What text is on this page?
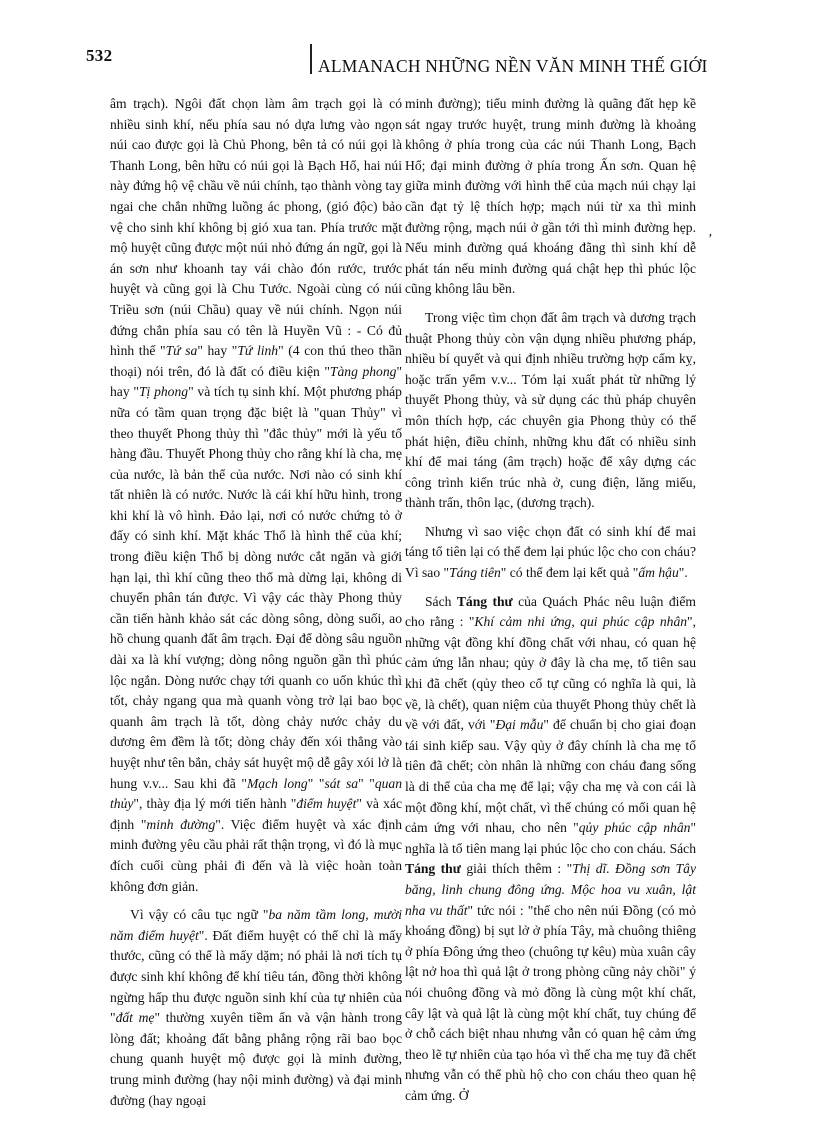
532
ALMANACH NHỮNG NỀN VĂN MINH THẾ GIỚI

âm trạch). Ngôi đất chọn làm âm trạch gọi là có nhiều sinh khí, nếu phía sau nó dựa lưng vào ngọn núi cao được gọi là Chủ Phong, bên tả có núi gọi là Thanh Long, bên hữu có núi gọi là Bạch Hổ, hai núi này đứng hộ vệ chầu về núi chính, tạo thành vòng tay ngai che chắn những luồng ác phong, (gió độc) bảo vệ cho sinh khí không bị gió xua tan. Phía trước mặt mộ huyệt cũng được một núi nhỏ đứng án ngữ, gọi là án sơn như khoanh tay vái chào đón rước, trước huyệt và cũng gọi là Chu Tước. Ngoài cùng có núi Triều sơn (núi Chầu) quay về núi chính. Ngọn núi đứng chắn phía sau có tên là Huyền Vũ : - Có đủ hình thế "Tứ sa" hay "Tứ linh" (4 con thú theo thần thoại) nói trên, đó là đất có điều kiện "Tàng phong" hay "Tị phong" và tích tụ sinh khí. Một phương pháp nữa có tầm quan trọng đặc biệt là "quan Thủy" vì theo thuyết Phong thủy thì "đắc thủy" mới là yếu tố hàng đầu. Thuyết Phong thủy cho rằng khí là cha, mẹ của nước, là bản thể của nước. Nơi nào có sinh khí tất nhiên là có nước. Nước là cái khí hữu hình, trong khi khí là vô hình. Đảo lại, nơi có nước chứng tỏ ở đấy có sinh khí. Mặt khác Thổ là hình thể của khí; trong điều kiện Thổ bị dòng nước cắt ngăn và giới hạn lại, thì khí cũng theo thổ mà dừng lại, không di chuyển phân tán được. Vì vậy các thày Phong thủy cần tiến hành khảo sát các dòng sông, dòng suối, ao hồ chung quanh đất âm trạch. Đại để dòng sâu nguồn dài xa là khí vượng; dòng nông nguồn gần thì phúc lộc ngắn. Dòng nước chạy tới quanh co uốn khúc thì tốt, chảy ngang qua mà quanh vòng trở lại bao bọc quanh âm trạch là tốt, dòng chảy nước chảy du dương êm đềm là tốt; dòng chảy đến xói thẳng vào huyệt như tên bắn, chảy sát huyệt mộ dễ gây xói lở là hung v.v... Sau khi đã "Mạch long" "sát sa" "quan thủy", thày địa lý mới tiến hành "điểm huyệt" và xác định "minh đường". Việc điểm huyệt và xác định minh đường yêu cầu phải rất thận trọng, vì đó là mục đích cuối cùng phải đi đến và là việc hoàn toàn không đơn giản.

Vì vậy có câu tục ngữ "ba năm tầm long, mười năm điểm huyệt". Đất điểm huyệt có thể chỉ là mấy thước, cũng có thể là mấy dặm; nó phải là nơi tích tụ được sinh khí không để khí tiêu tán, đồng thời không ngừng hấp thu được nguồn sinh khí của tự nhiên của "đất mẹ" thường xuyên tiềm ẩn và vận hành trong lòng đất; khoảng đất bằng phẳng rộng rãi bao bọc chung quanh huyệt mộ được gọi là minh đường, trung minh đường (hay nội minh đường) và đại minh đường (hay ngoại

minh đường); tiểu minh đường là quãng đất hẹp kề sát ngay trước huyệt, trung minh đường là khoảng không ở phía trong của các núi Thanh Long, Bạch Hổ; đại minh đường ở phía trong Ấn sơn. Quan hệ giữa minh đường với hình thể của mạch núi chạy lại cần đạt tỷ lệ thích hợp; mạch núi từ xa thì minh đường rộng, mạch núi ở gần tới thì minh đường hẹp. Nếu minh đường quá khoáng đãng thì sinh khí dễ phát tán nếu minh đường quá chật hẹp thì phúc lộc cũng không lâu bền.

Trong việc tìm chọn đất âm trạch và dương trạch thuật Phong thủy còn vận dụng nhiều phương pháp, nhiều bí quyết và qui định nhiều trường hợp cấm kỵ, hoặc trấn yểm v.v... Tóm lại xuất phát từ những lý thuyết Phong thủy, và sử dụng các thủ pháp chuyên môn thích hợp, các chuyên gia Phong thủy có thể phát hiện, điều chỉnh, những khu đất có nhiều sinh khí để mai táng (âm trạch) hoặc để xây dựng các công trình kiến trúc nhà ở, cung điện, lăng miếu, thành trấn, thôn lạc, (dương trạch).

Nhưng vì sao việc chọn đất có sinh khí để mai táng tổ tiên lại có thể đem lại phúc lộc cho con cháu? Vì sao "Táng tiên" có thể đem lại kết quả "ấm hậu".

Sách Táng thư của Quách Phác nêu luận điểm cho rằng : "Khí cảm nhi ứng, qui phúc cập nhân", những vật đồng khí đồng chất với nhau, có quan hệ cảm ứng lẫn nhau; qủy ở đây là cha mẹ, tổ tiên sau khi đã chết (qủy theo cổ tự cũng có nghĩa là qui, là về, là chết), quan niệm của thuyết Phong thủy chết là về với đất, với "Đại mẫu" để chuẩn bị cho giai đoạn tái sinh kiếp sau. Vậy qủy ở đây chính là cha mẹ tổ tiên đã chết; còn nhân là những con cháu đang sống là di thể của cha mẹ để lại; vậy cha mẹ và con cái là một đồng khí, một chất, vì thế chúng có mối quan hệ cảm ứng với nhau, cho nên "qủy phúc cập nhân" nghĩa là tổ tiên mang lại phúc lộc cho con cháu. Sách Táng thư giải thích thêm : "Thị dĩ. Đồng sơn Tây băng, linh chung đông ứng. Mộc hoa vu xuân, lật nha vu thất" tức nói : "thế cho nên núi Đồng (có mỏ khoáng đồng) bị sụt lở ở phía Tây, mà chuông thiêng ở phía Đông ứng theo (chuông tự kêu) mùa xuân cây lật nở hoa thì quả lật ở trong phòng cũng nảy chồi" ý nói chuông đồng và mỏ đồng là cùng một khí chất, cây lật và quả lật là cùng một khí chất, tuy chúng để ở chỗ cách biệt nhau nhưng vẫn có quan hệ cảm ứng theo lẽ tự nhiên của tạo hóa vì thế cha mẹ tuy đã chết nhưng vẫn có thể phù hộ cho con cháu theo quan hệ cảm ứng. Ở

ʼ
